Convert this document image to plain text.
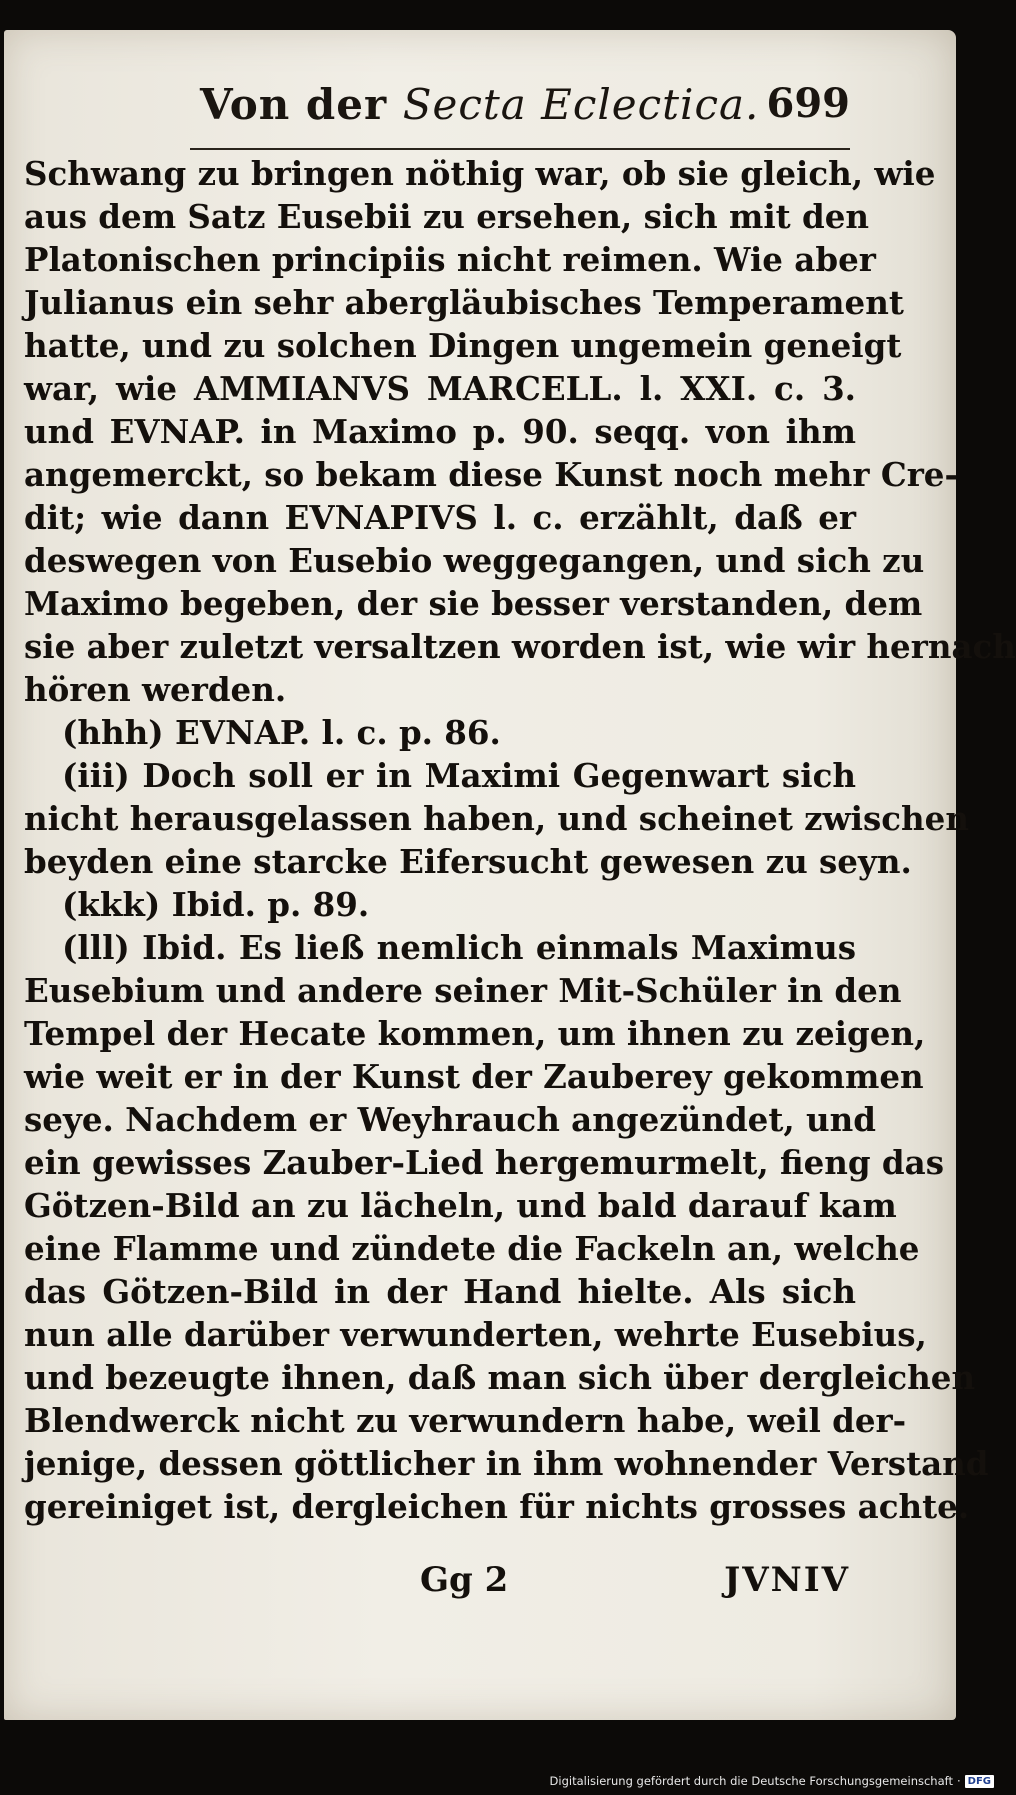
Von der Secta Eclectica. 699
Schwang zu bringen nöthig war, ob sie gleich, wie
aus dem Satz Eusebii zu ersehen, sich mit den
Platonischen principiis nicht reimen. Wie aber
Julianus ein sehr abergläubisches Temperament
hatte, und zu solchen Dingen ungemein geneigt
war, wie AMMIANVS MARCELL. l. XXI. c. 3.
und EVNAP. in Maximo p. 90. seqq. von ihm
angemerckt, so bekam diese Kunst noch mehr Cre-
dit; wie dann EVNAPIVS l. c. erzählt, daß er
deswegen von Eusebio weggegangen, und sich zu
Maximo begeben, der sie besser verstanden, dem
sie aber zuletzt versaltzen worden ist, wie wir hernach
hören werden.
(hhh) EVNAP. l. c. p. 86.
(iii) Doch soll er in Maximi Gegenwart sich
nicht herausgelassen haben, und scheinet zwischen
beyden eine starcke Eifersucht gewesen zu seyn.
(kkk) Ibid. p. 89.
(lll) Ibid. Es ließ nemlich einmals Maximus
Eusebium und andere seiner Mit-Schüler in den
Tempel der Hecate kommen, um ihnen zu zeigen,
wie weit er in der Kunst der Zauberey gekommen
seye. Nachdem er Weyhrauch angezündet, und
ein gewisses Zauber-Lied hergemurmelt, fieng das
Götzen-Bild an zu lächeln, und bald darauf kam
eine Flamme und zündete die Fackeln an, welche
das Götzen-Bild in der Hand hielte. Als sich
nun alle darüber verwunderten, wehrte Eusebius,
und bezeugte ihnen, daß man sich über dergleichen
Blendwerck nicht zu verwundern habe, weil der-
jenige, dessen göttlicher in ihm wohnender Verstand
gereiniget ist, dergleichen für nichts grosses achte.
Gg 2	JVNIV
Digitalisierung gefördert durch die Deutsche Forschungsgemeinschaft · DFG
